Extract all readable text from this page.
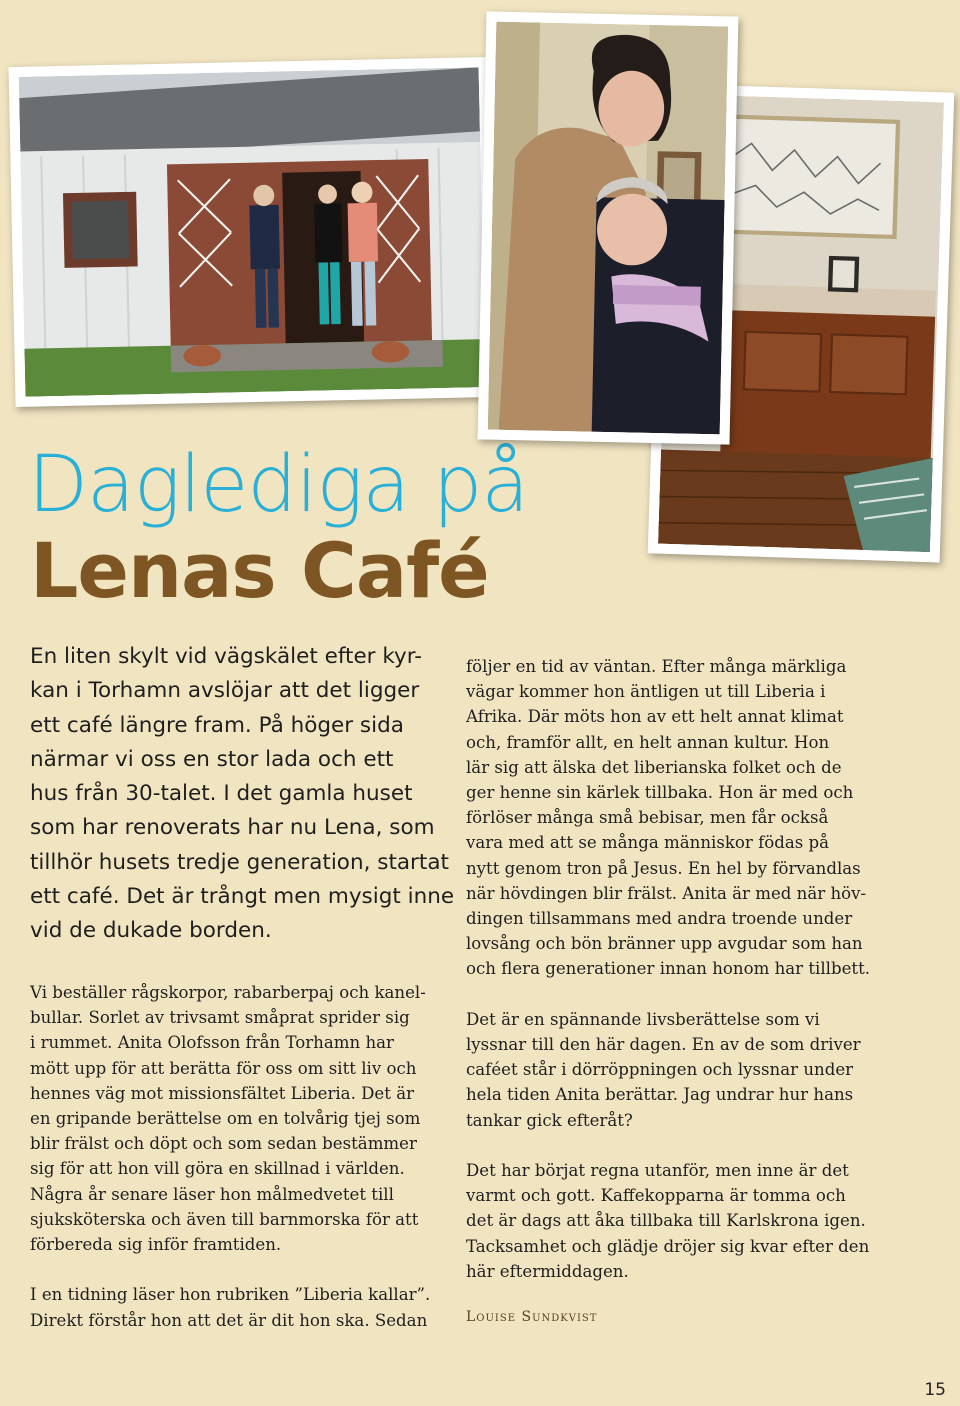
Daglediga på
Lenas Café
En liten skylt vid vägskälet efter kyr-
kan i Torhamn avslöjar att det ligger
ett café längre fram. På höger sida
närmar vi oss en stor lada och ett
hus från 30-talet. I det gamla huset
som har renoverats har nu Lena, som
tillhör husets tredje generation, startat
ett café. Det är trångt men mysigt inne
vid de dukade borden.
Vi beställer rågskorpor, rabarberpaj och kanel-
bullar. Sorlet av trivsamt småprat sprider sig
i rummet. Anita Olofsson från Torhamn har
mött upp för att berätta för oss om sitt liv och
hennes väg mot missionsfältet Liberia. Det är
en gripande berättelse om en tolvårig tjej som
blir frälst och döpt och som sedan bestämmer
sig för att hon vill göra en skillnad i världen.
Några år senare läser hon målmedvetet till
sjuksköterska och även till barnmorska för att
förbereda sig inför framtiden.
I en tidning läser hon rubriken ”Liberia kallar”.
Direkt förstår hon att det är dit hon ska. Sedan
följer en tid av väntan. Efter många märkliga
vägar kommer hon äntligen ut till Liberia i
Afrika. Där möts hon av ett helt annat klimat
och, framför allt, en helt annan kultur. Hon
lär sig att älska det liberianska folket och de
ger henne sin kärlek tillbaka. Hon är med och
förlöser många små bebisar, men får också
vara med att se många människor födas på
nytt genom tron på Jesus. En hel by förvandlas
när hövdingen blir frälst. Anita är med när höv-
dingen tillsammans med andra troende under
lovsång och bön bränner upp avgudar som han
och flera generationer innan honom har tillbett.
Det är en spännande livsberättelse som vi
lyssnar till den här dagen. En av de som driver
caféet står i dörröppningen och lyssnar under
hela tiden Anita berättar. Jag undrar hur hans
tankar gick efteråt?
Det har börjat regna utanför, men inne är det
varmt och gott. Kaffekopparna är tomma och
det är dags att åka tillbaka till Karlskrona igen.
Tacksamhet och glädje dröjer sig kvar efter den
här eftermiddagen.
Louise Sundkvist
15
